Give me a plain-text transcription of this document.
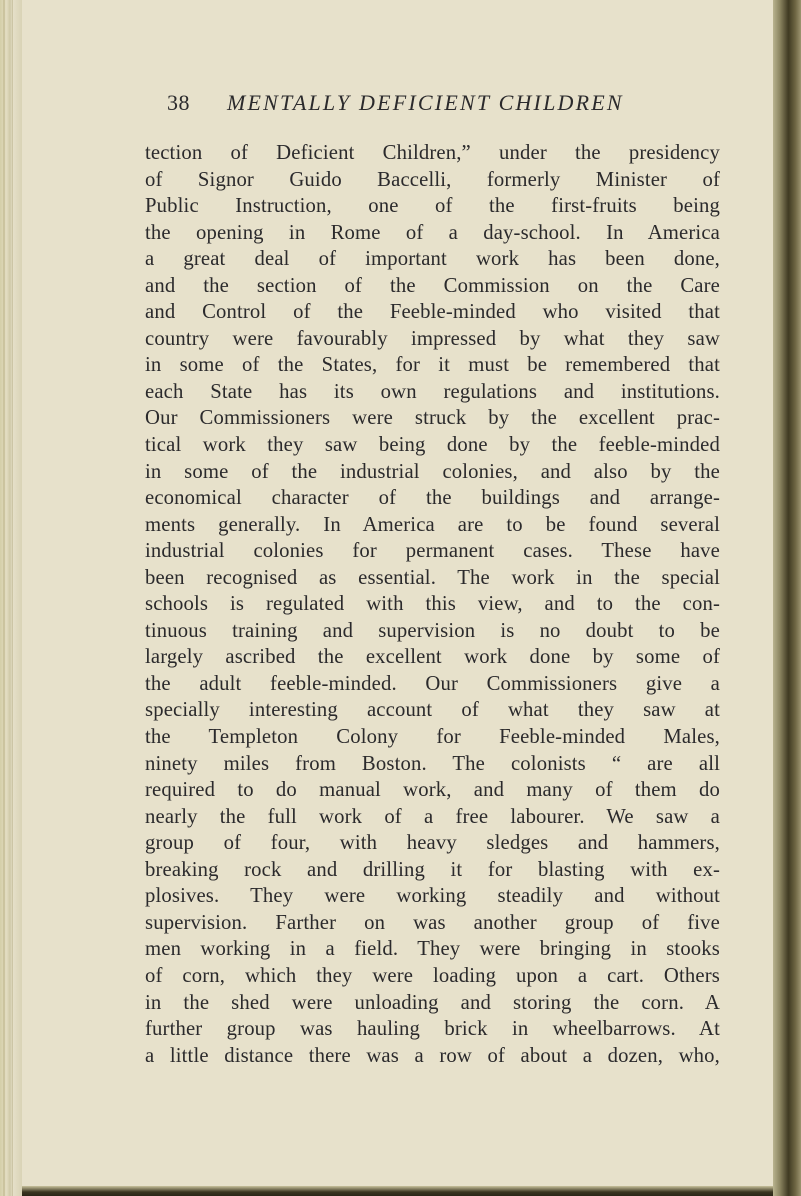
38 MENTALLY DEFICIENT CHILDREN
tection of Deficient Children,” under the presidency
of Signor Guido Baccelli, formerly Minister of
Public Instruction, one of the first-fruits being
the opening in Rome of a day-school. In America
a great deal of important work has been done,
and the section of the Commission on the Care
and Control of the Feeble-minded who visited that
country were favourably impressed by what they saw
in some of the States, for it must be remembered that
each State has its own regulations and institutions.
Our Commissioners were struck by the excellent prac-
tical work they saw being done by the feeble-minded
in some of the industrial colonies, and also by the
economical character of the buildings and arrange-
ments generally. In America are to be found several
industrial colonies for permanent cases. These have
been recognised as essential. The work in the special
schools is regulated with this view, and to the con-
tinuous training and supervision is no doubt to be
largely ascribed the excellent work done by some of
the adult feeble-minded. Our Commissioners give a
specially interesting account of what they saw at
the Templeton Colony for Feeble-minded Males,
ninety miles from Boston. The colonists “ are all
required to do manual work, and many of them do
nearly the full work of a free labourer. We saw a
group of four, with heavy sledges and hammers,
breaking rock and drilling it for blasting with ex-
plosives. They were working steadily and without
supervision. Farther on was another group of five
men working in a field. They were bringing in stooks
of corn, which they were loading upon a cart. Others
in the shed were unloading and storing the corn. A
further group was hauling brick in wheelbarrows. At
a little distance there was a row of about a dozen, who,
